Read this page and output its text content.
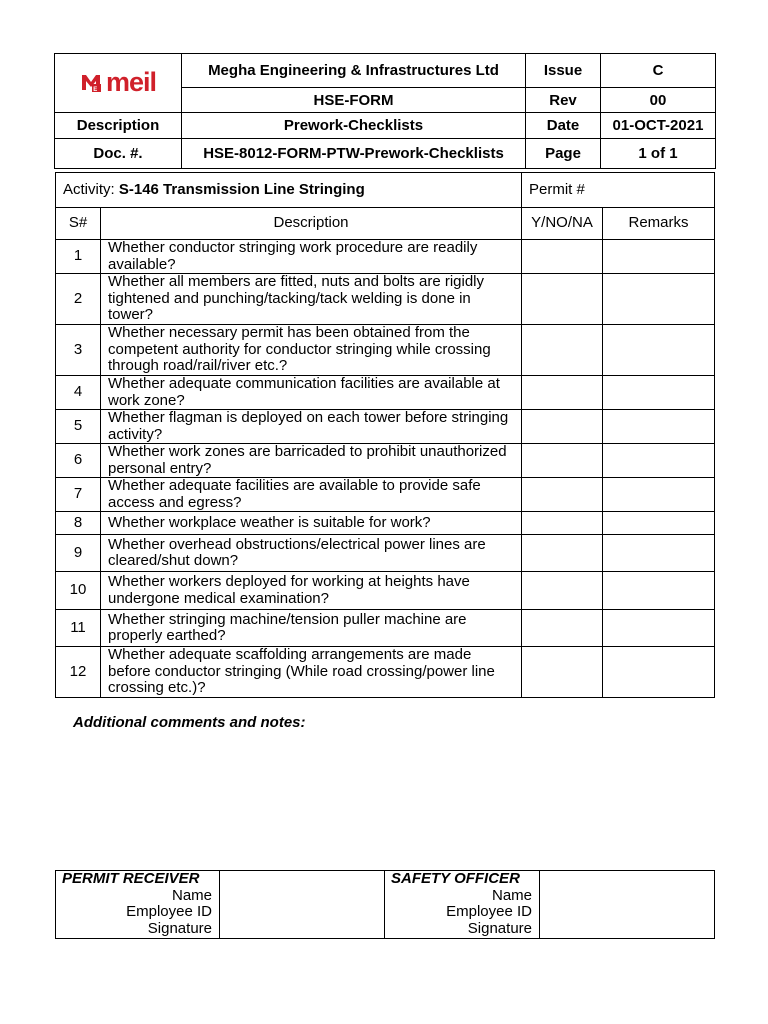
E meil	Megha Engineering & Infrastructures Ltd	Issue	C
	HSE-FORM	Rev	00
Description	Prework-Checklists	Date	01-OCT-2021
Doc. #.	HSE-8012-FORM-PTW-Prework-Checklists	Page	1 of 1
Activity: S-146 Transmission Line Stringing		Permit #	
S#	Description	Y/NO/NA	Remarks
1	Whether conductor stringing work procedure are readily available?		
2	Whether all members are fitted, nuts and bolts are rigidly tightened and punching/tacking/tack welding is done in tower?		
3	Whether necessary permit has been obtained from the competent authority for conductor stringing while crossing through road/rail/river etc.?		
4	Whether adequate communication facilities are available at work zone?		
5	Whether flagman is deployed on each tower before stringing activity?		
6	Whether work zones are barricaded to prohibit unauthorized personal entry?		
7	Whether adequate facilities are available to provide safe access and egress?		
8	Whether workplace weather is suitable for work?		
9	Whether overhead obstructions/electrical power lines are cleared/shut down?		
10	Whether workers deployed for working at heights have undergone medical examination?		
11	Whether stringing machine/tension puller machine are properly earthed?		
12	Whether adequate scaffolding arrangements are made before conductor stringing (While road crossing/power line crossing etc.)?		
Additional comments and notes:
PERMIT RECEIVER
Name
Employee ID
Signature

SAFETY OFFICER
Name
Employee ID
Signature
